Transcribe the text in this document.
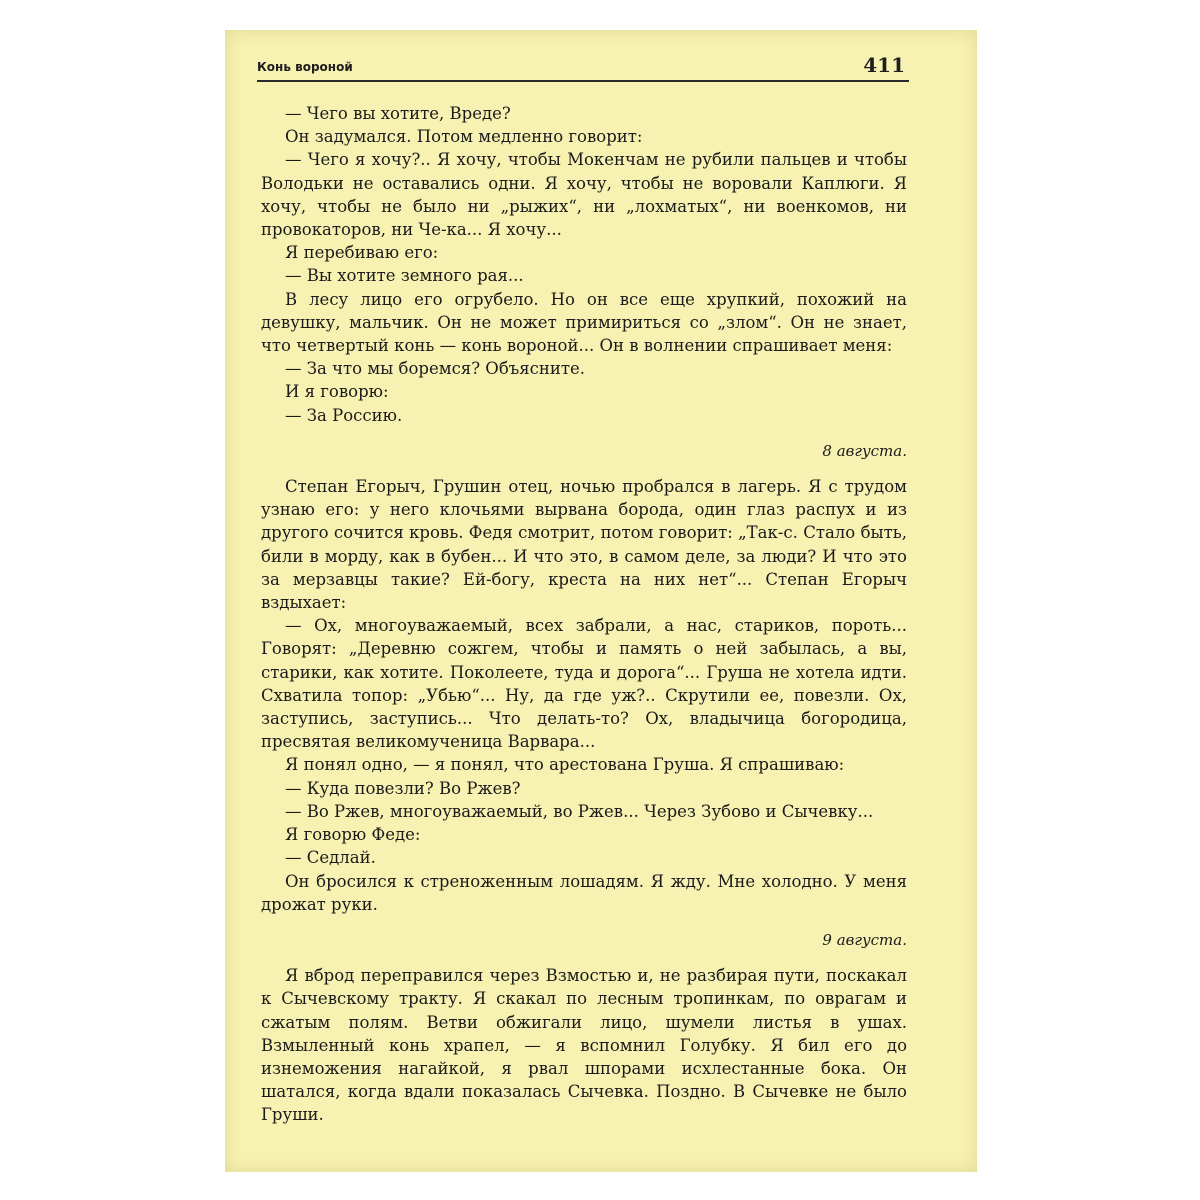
Конь вороной	411

— Чего вы хотите, Вреде?

Он задумался. Потом медленно говорит:

— Чего я хочу?.. Я хочу, чтобы Мокенчам не рубили пальцев и чтобы Володьки не оставались одни. Я хочу, чтобы не воровали Каплюги. Я хочу, чтобы не было ни „рыжих“, ни „лохматых“, ни военкомов, ни провокаторов, ни Че-ка... Я хочу...

Я перебиваю его:

— Вы хотите земного рая...

В лесу лицо его огрубело. Но он все еще хрупкий, похожий на девушку, мальчик. Он не может примириться со „злом“. Он не знает, что четвертый конь — конь вороной... Он в волнении спрашивает меня:

— За что мы боремся? Объясните.

И я говорю:

— За Россию.

8 августа.

Степан Егорыч, Грушин отец, ночью пробрался в лагерь. Я с трудом узнаю его: у него клочьями вырвана борода, один глаз распух и из другого сочится кровь. Федя смотрит, потом говорит: „Так-с. Стало быть, били в морду, как в бубен... И что это, в самом деле, за люди? И что это за мерзавцы такие? Ей-богу, креста на них нет“... Степан Егорыч вздыхает:

— Ох, многоуважаемый, всех забрали, а нас, стариков, пороть... Говорят: „Деревню сожгем, чтобы и память о ней забылась, а вы, старики, как хотите. Поколеете, туда и дорога“... Груша не хотела идти. Схватила топор: „Убью“... Ну, да где уж?.. Скрутили ее, повезли. Ох, заступись, заступись... Что делать-то? Ох, владычица богородица, пресвятая великомученица Варвара...

Я понял одно, — я понял, что арестована Груша. Я спрашиваю:

— Куда повезли? Во Ржев?

— Во Ржев, многоуважаемый, во Ржев... Через Зубово и Сычевку...

Я говорю Феде:

— Седлай.

Он бросился к стреноженным лошадям. Я жду. Мне холодно. У меня дрожат руки.

9 августа.

Я вброд переправился через Взмостью и, не разбирая пути, поскакал к Сычевскому тракту. Я скакал по лесным тропинкам, по оврагам и сжатым полям. Ветви обжигали лицо, шумели листья в ушах. Взмыленный конь храпел, — я вспомнил Голубку. Я бил его до изнеможения нагайкой, я рвал шпорами исхлестанные бока. Он шатался, когда вдали показалась Сычевка. Поздно. В Сычевке не было Груши.
